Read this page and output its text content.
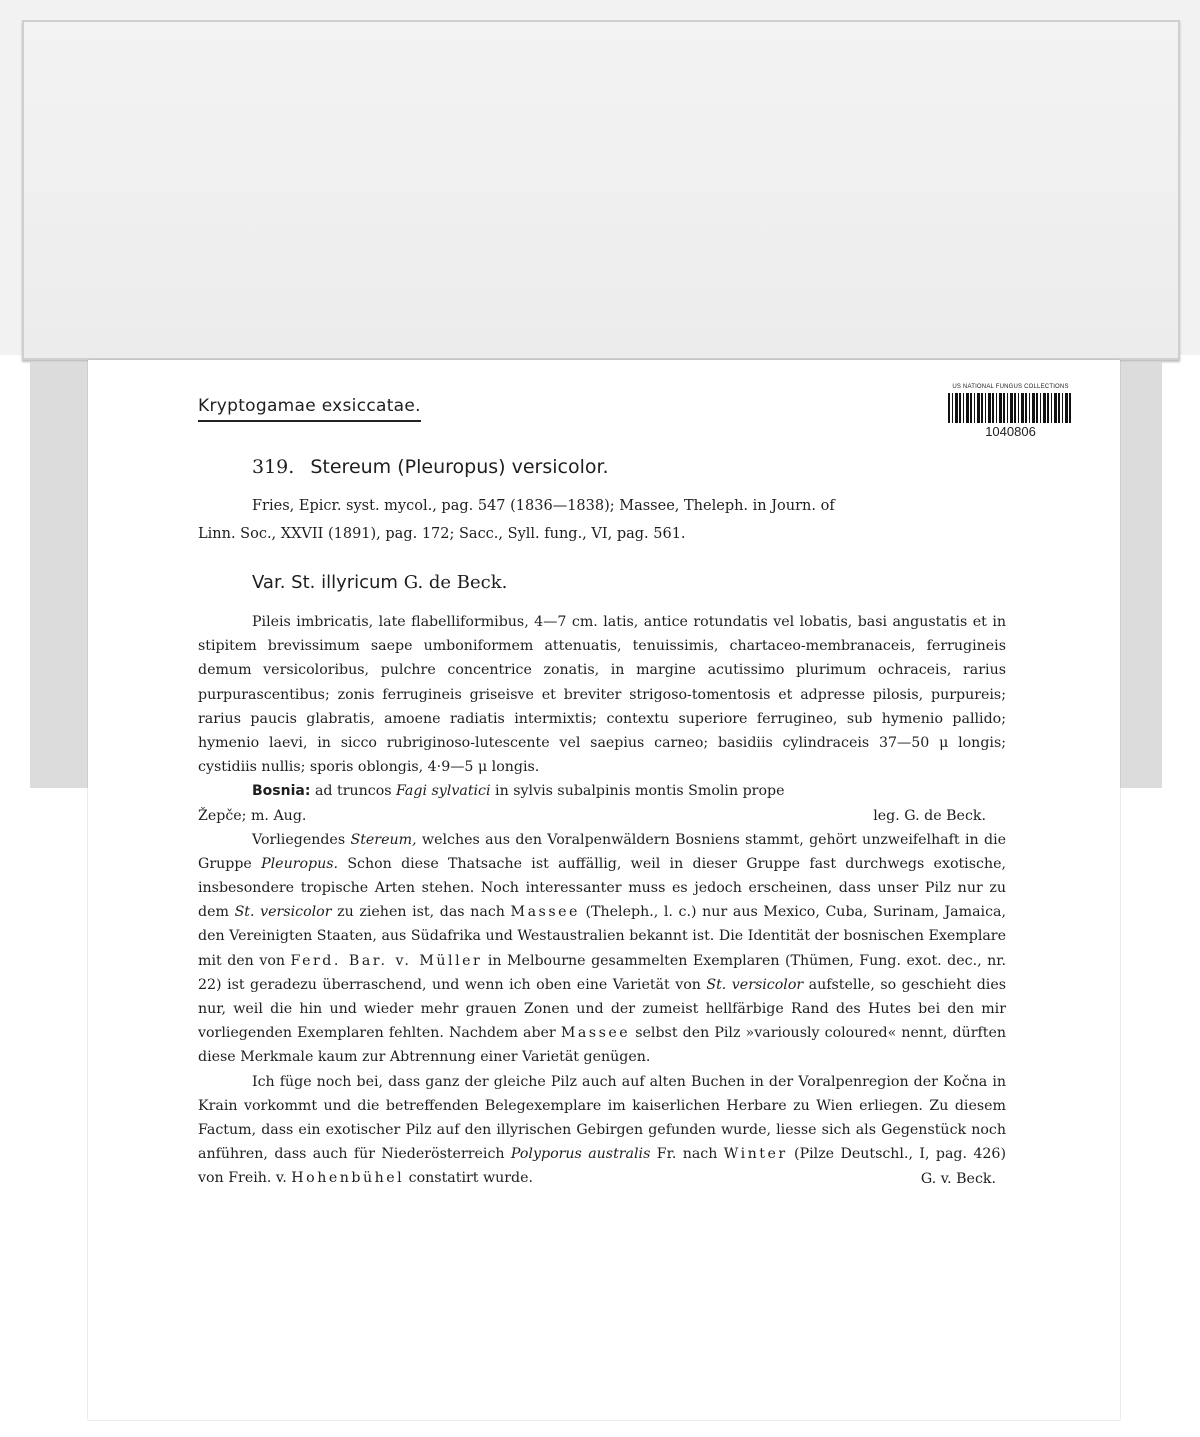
Kryptogamae exsiccatae.
US NATIONAL FUNGUS COLLECTIONS
1040806
319. Stereum (Pleuropus) versicolor.
Fries, Epicr. syst. mycol., pag. 547 (1836—1838); Massee, Theleph. in Journ. of
Linn. Soc., XXVII (1891), pag. 172; Sacc., Syll. fung., VI, pag. 561.
Var. St. illyricum G. de Beck.

Pileis imbricatis, late flabelliformibus, 4—7 cm. latis, antice rotundatis vel lobatis, basi angustatis et in stipitem brevissimum saepe umboniformem attenuatis, tenuissimis, chartaceo-membranaceis, ferrugineis demum versicoloribus, pulchre concentrice zonatis, in margine acutissimo plurimum ochraceis, rarius purpurascentibus; zonis ferrugineis griseisve et breviter strigoso-tomentosis et adpresse pilosis, purpureis; rarius paucis glabratis, amoene radiatis intermixtis; contextu superiore ferrugineo, sub hymenio pallido; hymenio laevi, in sicco rubriginoso-lutescente vel saepius carneo; basidiis cylindraceis 37—50 μ longis; cystidiis nullis; sporis oblongis, 4·9—5 μ longis.

Bosnia: ad truncos Fagi sylvatici in sylvis subalpinis montis Smolin prope

Žepče; m. Aug.	leg. G. de Beck.

Vorliegendes Stereum, welches aus den Voralpenwäldern Bosniens stammt, gehört unzweifelhaft in die Gruppe Pleuropus. Schon diese Thatsache ist auffällig, weil in dieser Gruppe fast durchwegs exotische, insbesondere tropische Arten stehen. Noch interessanter muss es jedoch erscheinen, dass unser Pilz nur zu dem St. versicolor zu ziehen ist, das nach Massee (Theleph., l. c.) nur aus Mexico, Cuba, Surinam, Jamaica, den Vereinigten Staaten, aus Südafrika und Westaustralien bekannt ist. Die Identität der bosnischen Exemplare mit den von Ferd. Bar. v. Müller in Melbourne gesammelten Exemplaren (Thümen, Fung. exot. dec., nr. 22) ist geradezu überraschend, und wenn ich oben eine Varietät von St. versicolor aufstelle, so geschieht dies nur, weil die hin und wieder mehr grauen Zonen und der zumeist hellfärbige Rand des Hutes bei den mir vorliegenden Exemplaren fehlten. Nachdem aber Massee selbst den Pilz »variously coloured« nennt, dürften diese Merkmale kaum zur Abtrennung einer Varietät genügen.

Ich füge noch bei, dass ganz der gleiche Pilz auch auf alten Buchen in der Voralpenregion der Kočna in Krain vorkommt und die betreffenden Belegexemplare im kaiserlichen Herbare zu Wien erliegen. Zu diesem Factum, dass ein exotischer Pilz auf den illyrischen Gebirgen gefunden wurde, liesse sich als Gegenstück noch anführen, dass auch für Niederösterreich Polyporus australis Fr. nach Winter (Pilze Deutschl., I, pag. 426) von Freih. v. Hohenbühel constatirt wurde.	G. v. Beck.
